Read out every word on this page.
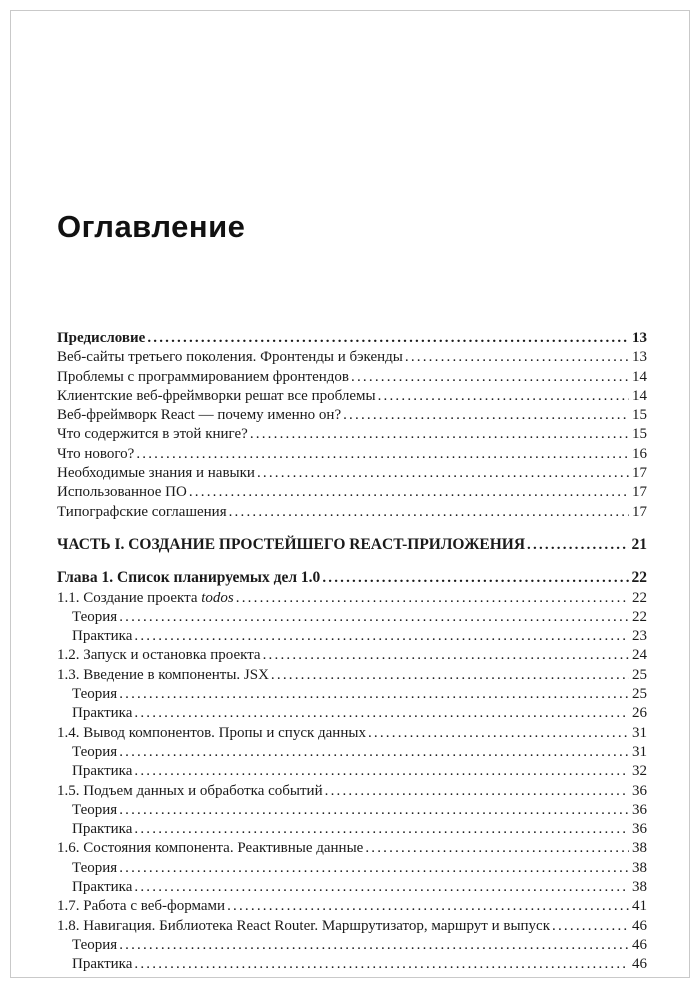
Оглавление
Предисловие .....	13
Веб-сайты третьего поколения. Фронтенды и бэкенды .....	13
Проблемы с программированием фронтендов .....	14
Клиентские веб-фреймворки решат все проблемы .....	14
Веб-фреймворк React — почему именно он? .....	15
Что содержится в этой книге? .....	15
Что нового? .....	16
Необходимые знания и навыки .....	17
Использованное ПО .....	17
Типографские соглашения .....	17
ЧАСТЬ I. СОЗДАНИЕ ПРОСТЕЙШЕГО REACT-ПРИЛОЖЕНИЯ .....	21
Глава 1. Список планируемых дел 1.0 .....	22
1.1. Создание проекта todos .....	22
Теория .....	22
Практика .....	23
1.2. Запуск и остановка проекта .....	24
1.3. Введение в компоненты. JSX .....	25
Теория .....	25
Практика .....	26
1.4. Вывод компонентов. Пропы и спуск данных .....	31
Теория .....	31
Практика .....	32
1.5. Подъем данных и обработка событий .....	36
Теория .....	36
Практика .....	36
1.6. Состояния компонента. Реактивные данные .....	38
Теория .....	38
Практика .....	38
1.7. Работа с веб-формами .....	41
1.8. Навигация. Библиотека React Router. Маршрутизатор, маршрут и выпуск .....	46
Теория .....	46
Практика .....	46
